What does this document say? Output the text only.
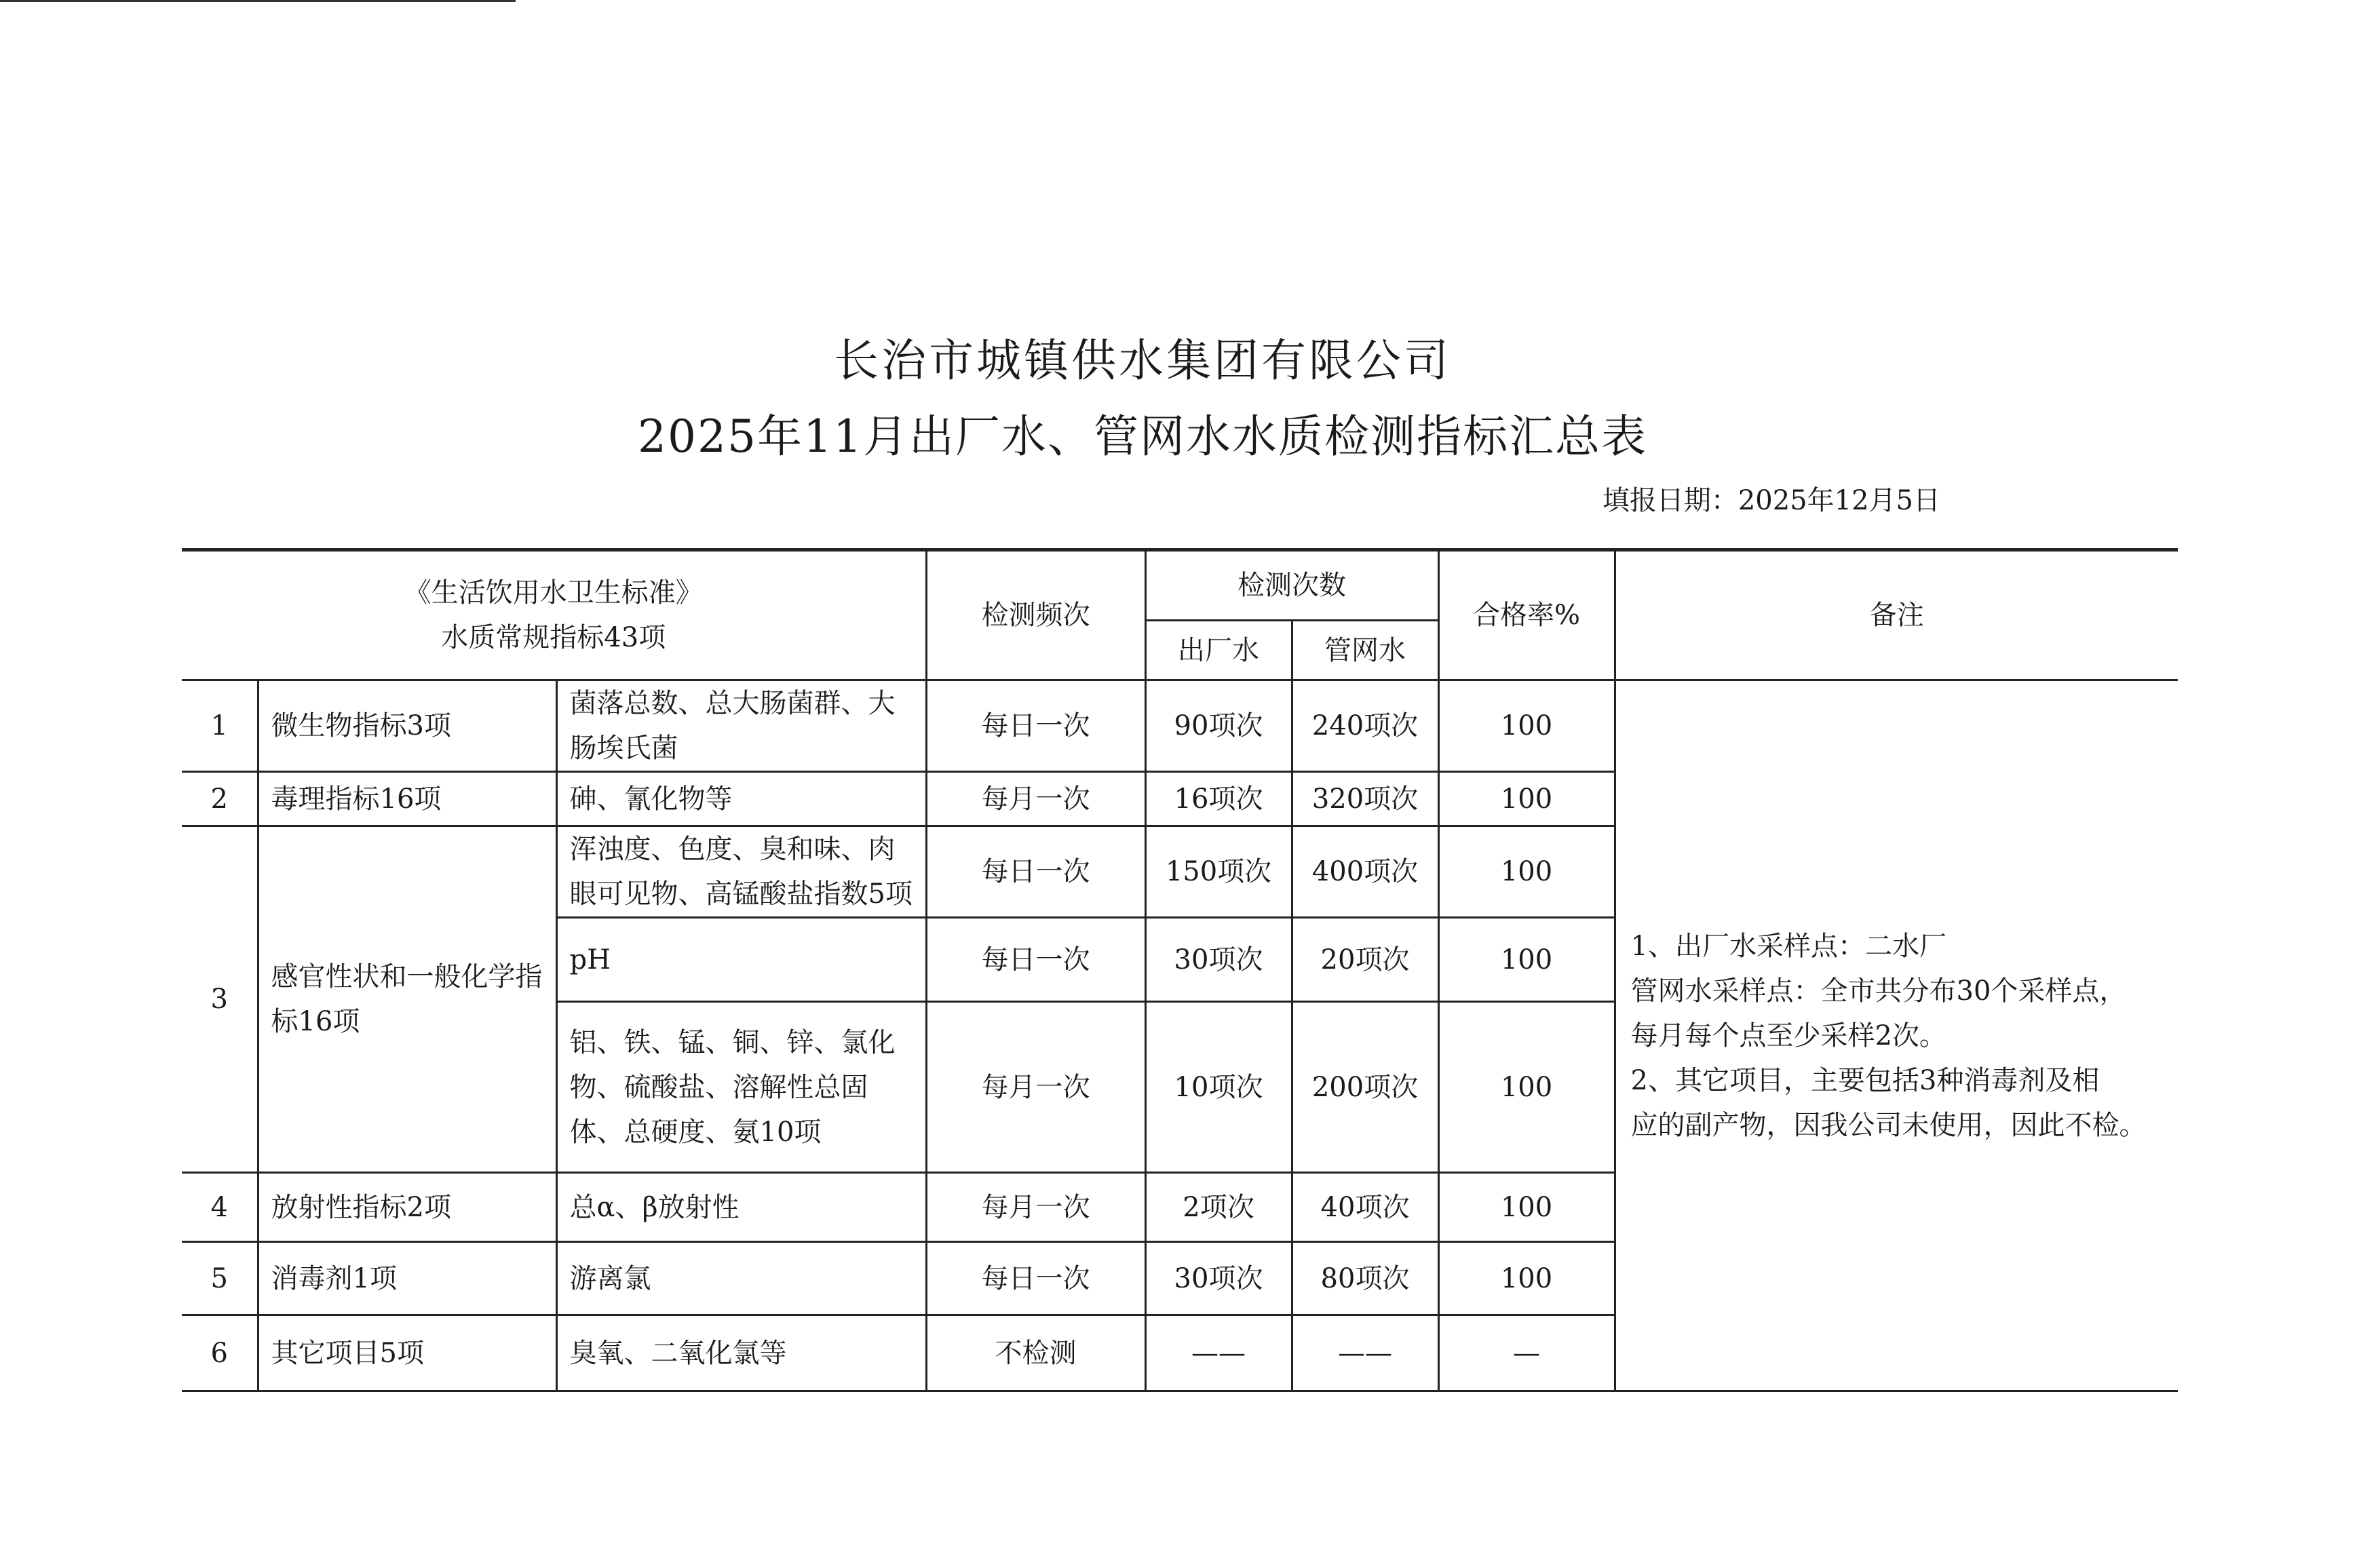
长治市城镇供水集团有限公司
2025年11月出厂水、管网水水质检测指标汇总表
填报日期：2025年12月5日
《生活饮用水卫生标准》
水质常规指标43项			检测频次	检测次数		合格率%	备注
				出厂水	管网水		
1	微生物指标3项	菌落总数、总大肠菌群、大肠埃氏菌	每日一次	90项次	240项次	100	1、出厂水采样点：二水厂
管网水采样点：全市共分布30个采样点，
每月每个点至少采样2次。
2、其它项目，主要包括3种消毒剂及相
应的副产物，因我公司未使用，因此不检。

2	毒理指标16项	砷、氰化物等	每月一次	16项次	320项次	100	
3	感官性状和一般化学指标16项	浑浊度、色度、臭和味、肉眼可见物、高锰酸盐指数5项	每日一次	150项次	400项次	100	
		pH	每日一次	30项次	20项次	100	
		铝、铁、锰、铜、锌、氯化物、硫酸盐、溶解性总固体、总硬度、氨10项	每月一次	10项次	200项次	100	
4	放射性指标2项	总α、β放射性	每月一次	2项次	40项次	100	
5	消毒剂1项	游离氯	每日一次	30项次	80项次	100	
6	其它项目5项	臭氧、二氧化氯等	不检测	——	——	—	
